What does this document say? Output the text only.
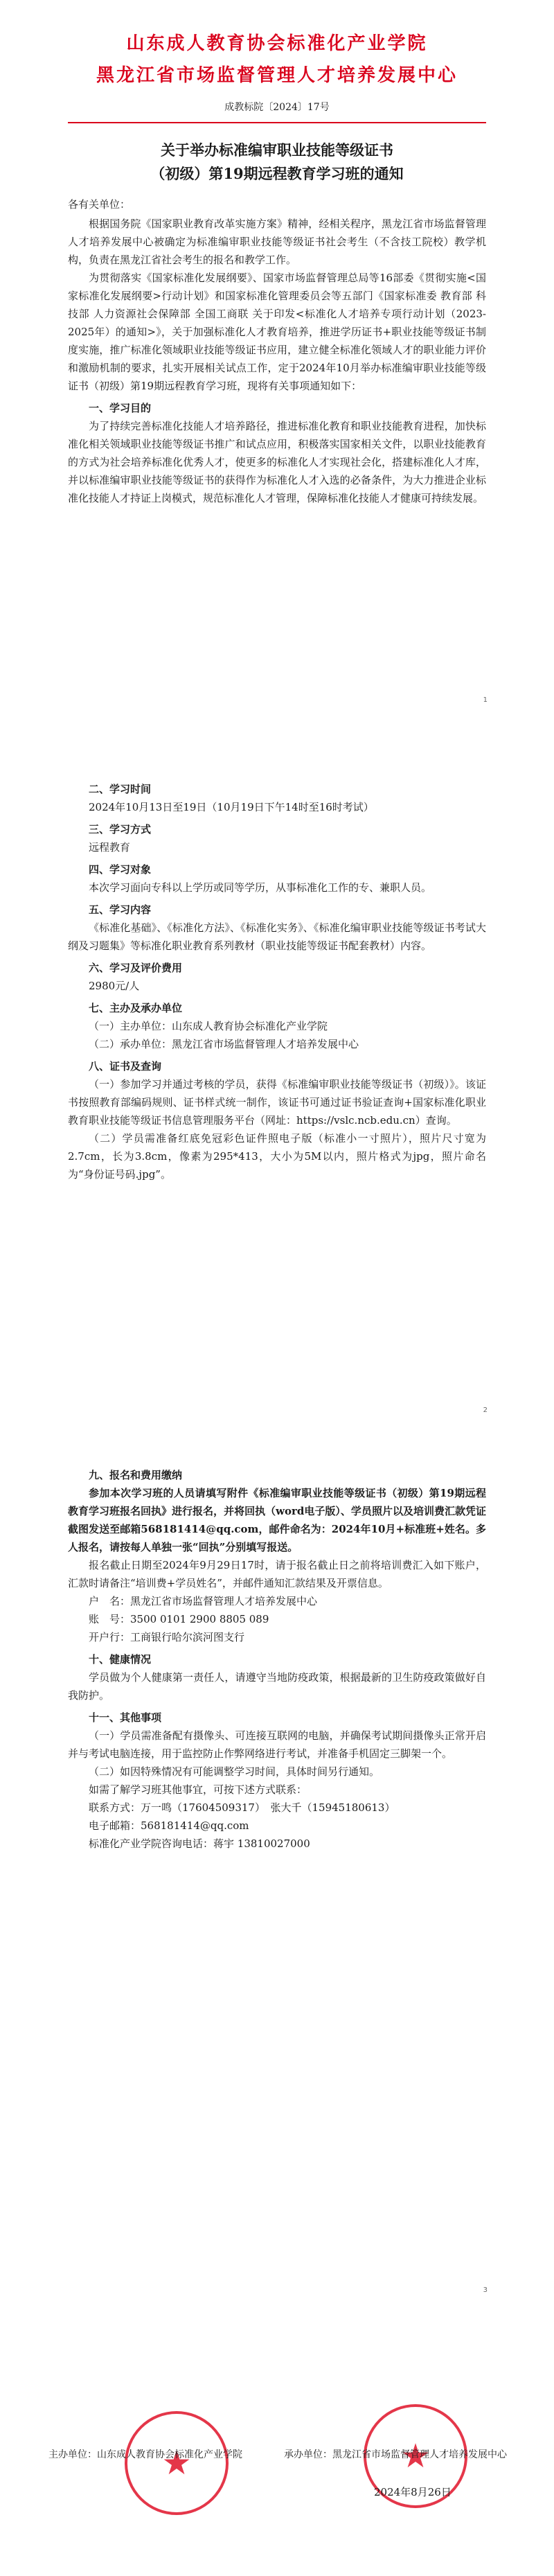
山东成人教育协会标准化产业学院
黑龙江省市场监督管理人才培养发展中心
成教标院〔2024〕17号
关于举办标准编审职业技能等级证书
（初级）第19期远程教育学习班的通知
各有关单位：

根据国务院《国家职业教育改革实施方案》精神，经相关程序，黑龙江省市场监督管理人才培养发展中心被确定为标准编审职业技能等级证书社会考生（不含技工院校）教学机构，负责在黑龙江省社会考生的报名和教学工作。

为贯彻落实《国家标准化发展纲要》、国家市场监督管理总局等16部委《贯彻实施<国家标准化发展纲要>行动计划》和国家标准化管理委员会等五部门《国家标准委 教育部 科技部 人力资源社会保障部 全国工商联 关于印发<标准化人才培养专项行动计划（2023-2025年）的通知>》，关于加强标准化人才教育培养，推进学历证书+职业技能等级证书制度实施，推广标准化领域职业技能等级证书应用，建立健全标准化领域人才的职业能力评价和激励机制的要求，扎实开展相关试点工作，定于2024年10月举办标准编审职业技能等级证书（初级）第19期远程教育学习班，现将有关事项通知如下：

一、学习目的

为了持续完善标准化技能人才培养路径，推进标准化教育和职业技能教育进程，加快标准化相关领域职业技能等级证书推广和试点应用，积极落实国家相关文件，以职业技能教育的方式为社会培养标准化优秀人才，使更多的标准化人才实现社会化，搭建标准化人才库，并以标准编审职业技能等级证书的获得作为标准化人才入选的必备条件，为大力推进企业标准化技能人才持证上岗模式，规范标准化人才管理，保障标准化技能人才健康可持续发展。

1
二、学习时间

2024年10月13日至19日（10月19日下午14时至16时考试）

三、学习方式

远程教育

四、学习对象

本次学习面向专科以上学历或同等学历，从事标准化工作的专、兼职人员。

五、学习内容

《标准化基础》、《标准化方法》、《标准化实务》、《标准化编审职业技能等级证书考试大纲及习题集》等标准化职业教育系列教材（职业技能等级证书配套教材）内容。

六、学习及评价费用

2980元/人

七、主办及承办单位

（一）主办单位：山东成人教育协会标准化产业学院

（二）承办单位：黑龙江省市场监督管理人才培养发展中心

八、证书及查询

（一）参加学习并通过考核的学员，获得《标准编审职业技能等级证书（初级）》。该证书按照教育部编码规则、证书样式统一制作，该证书可通过证书验证查询+国家标准化职业教育职业技能等级证书信息管理服务平台（网址：https://vslc.ncb.edu.cn）查询。

（二）学员需准备红底免冠彩色证件照电子版（标准小一寸照片），照片尺寸宽为2.7cm，长为3.8cm，像素为295*413，大小为5M以内，照片格式为jpg，照片命名为“身份证号码.jpg”。

2
九、报名和费用缴纳

参加本次学习班的人员请填写附件《标准编审职业技能等级证书（初级）第19期远程教育学习班报名回执》进行报名，并将回执（word电子版）、学员照片以及培训费汇款凭证截图发送至邮箱568181414@qq.com，邮件命名为：2024年10月+标准班+姓名。多人报名，请按每人单独一张“回执”分别填写报送。

报名截止日期至2024年9月29日17时，请于报名截止日之前将培训费汇入如下账户，汇款时请备注“培训费+学员姓名”，并邮件通知汇款结果及开票信息。

户　名：黑龙江省市场监督管理人才培养发展中心

账　号：3500 0101 2900 8805 089

开户行：工商银行哈尔滨河图支行

十、健康情况

学员做为个人健康第一责任人，请遵守当地防疫政策，根据最新的卫生防疫政策做好自我防护。

十一、其他事项

（一）学员需准备配有摄像头、可连接互联网的电脑，并确保考试期间摄像头正常开启并与考试电脑连接，用于监控防止作弊网络进行考试，并准备手机固定三脚架一个。

（二）如因特殊情况有可能调整学习时间，具体时间另行通知。

如需了解学习班其他事宜，可按下述方式联系：

联系方式：万一鸣（17604509317）　张大千（15945180613）

电子邮箱：568181414@qq.com

标准化产业学院咨询电话：蒋宇 13810027000

3
★	★
主办单位：山东成人教育协会标准化产业学院	承办单位：黑龙江省市场监督管理人才培养发展中心
2024年8月26日
